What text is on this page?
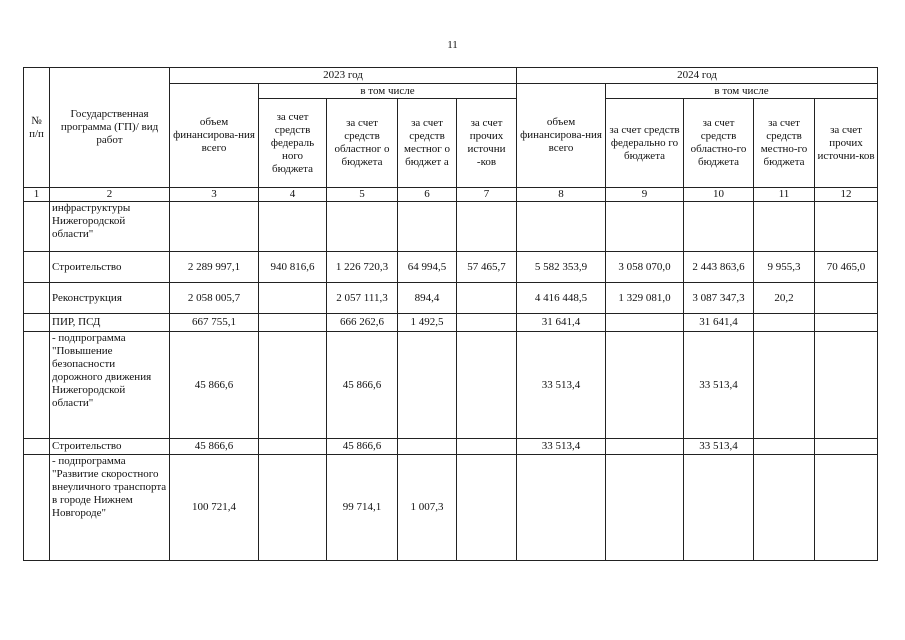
11
№ п/п	Государственная программа (ГП)/ вид работ	2023 год					2024 год				
		объем финансирова-ния всего	в том числе				объем финансирова-ния всего	в том числе			
			за счет средств федераль ного бюджета	за счет средств областног о бюджета	за счет средств местног о бюджет а	за счет прочих источни -ков		за счет средств федерально го бюджета	за счет средств областно-го бюджета	за счет средств местно-го бюджета	за счет прочих источни-ков
1	2	3	4	5	6	7	8	9	10	11	12
	инфраструктуры Нижегородской области"										
	Строительство	2 289 997,1	940 816,6	1 226 720,3	64 994,5	57 465,7	5 582 353,9	3 058 070,0	2 443 863,6	9 955,3	70 465,0
	Реконструкция	2 058 005,7		2 057 111,3	894,4		4 416 448,5	1 329 081,0	3 087 347,3	20,2	
	ПИР, ПСД	667 755,1		666 262,6	1 492,5		31 641,4		31 641,4		
	- подпрограмма "Повышение безопасности дорожного движения Нижегородской области"	45 866,6		45 866,6			33 513,4		33 513,4		
	Строительство	45 866,6		45 866,6			33 513,4		33 513,4		
	- подпрограмма "Развитие скоростного внеуличного транспорта в городе Нижнем Новгороде"	100 721,4		99 714,1	1 007,3						
